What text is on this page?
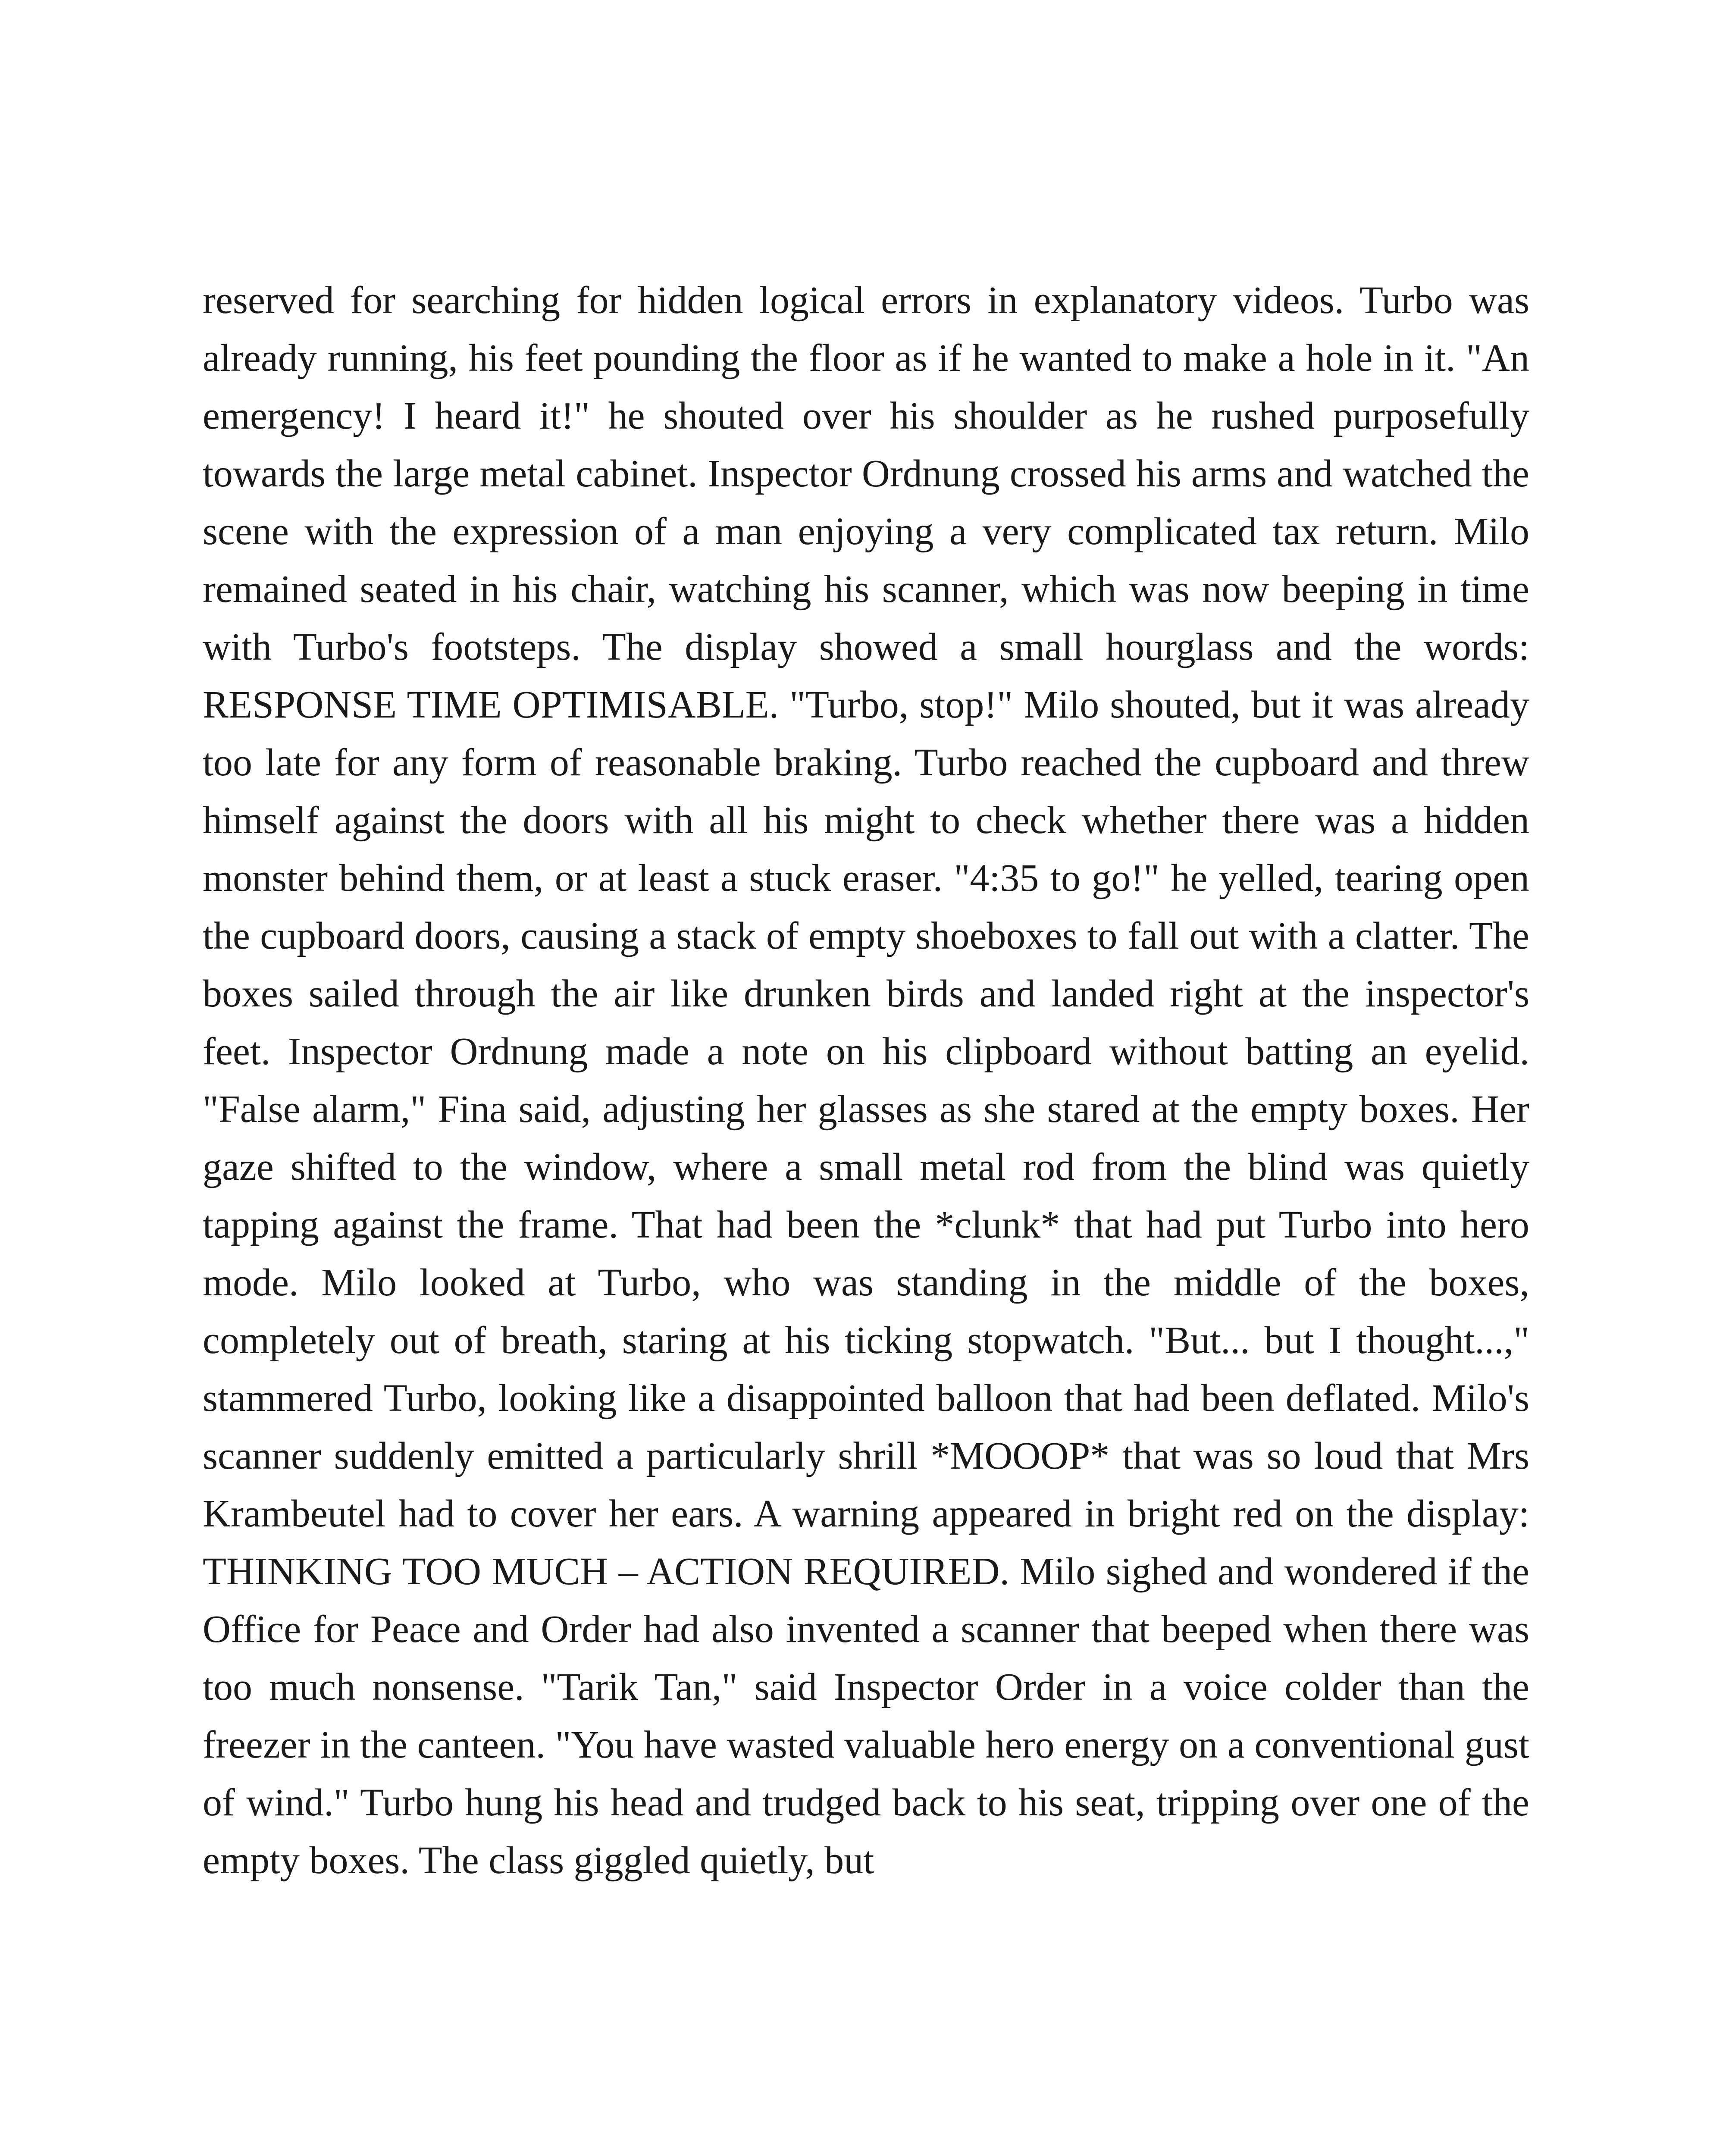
reserved for searching for hidden logical errors in explanatory videos. Turbo was already running, his feet pounding the floor as if he wanted to make a hole in it. "An emergency! I heard it!" he shouted over his shoulder as he rushed purposefully towards the large metal cabinet. Inspector Ordnung crossed his arms and watched the scene with the expression of a man enjoying a very complicated tax return. Milo remained seated in his chair, watching his scanner, which was now beeping in time with Turbo's footsteps. The display showed a small hourglass and the words: RESPONSE TIME OPTIMISABLE. "Turbo, stop!" Milo shouted, but it was already too late for any form of reasonable braking. Turbo reached the cupboard and threw himself against the doors with all his might to check whether there was a hidden monster behind them, or at least a stuck eraser. "4:35 to go!" he yelled, tearing open the cupboard doors, causing a stack of empty shoeboxes to fall out with a clatter. The boxes sailed through the air like drunken birds and landed right at the inspector's feet. Inspector Ordnung made a note on his clipboard without batting an eyelid. "False alarm," Fina said, adjusting her glasses as she stared at the empty boxes. Her gaze shifted to the window, where a small metal rod from the blind was quietly tapping against the frame. That had been the *clunk* that had put Turbo into hero mode. Milo looked at Turbo, who was standing in the middle of the boxes, completely out of breath, staring at his ticking stopwatch. "But... but I thought...," stammered Turbo, looking like a disappointed balloon that had been deflated. Milo's scanner suddenly emitted a particularly shrill *MOOOP* that was so loud that Mrs Krambeutel had to cover her ears. A warning appeared in bright red on the display: THINKING TOO MUCH – ACTION REQUIRED. Milo sighed and wondered if the Office for Peace and Order had also invented a scanner that beeped when there was too much nonsense. "Tarik Tan," said Inspector Order in a voice colder than the freezer in the canteen. "You have wasted valuable hero energy on a conventional gust of wind." Turbo hung his head and trudged back to his seat, tripping over one of the empty boxes. The class giggled quietly, but
